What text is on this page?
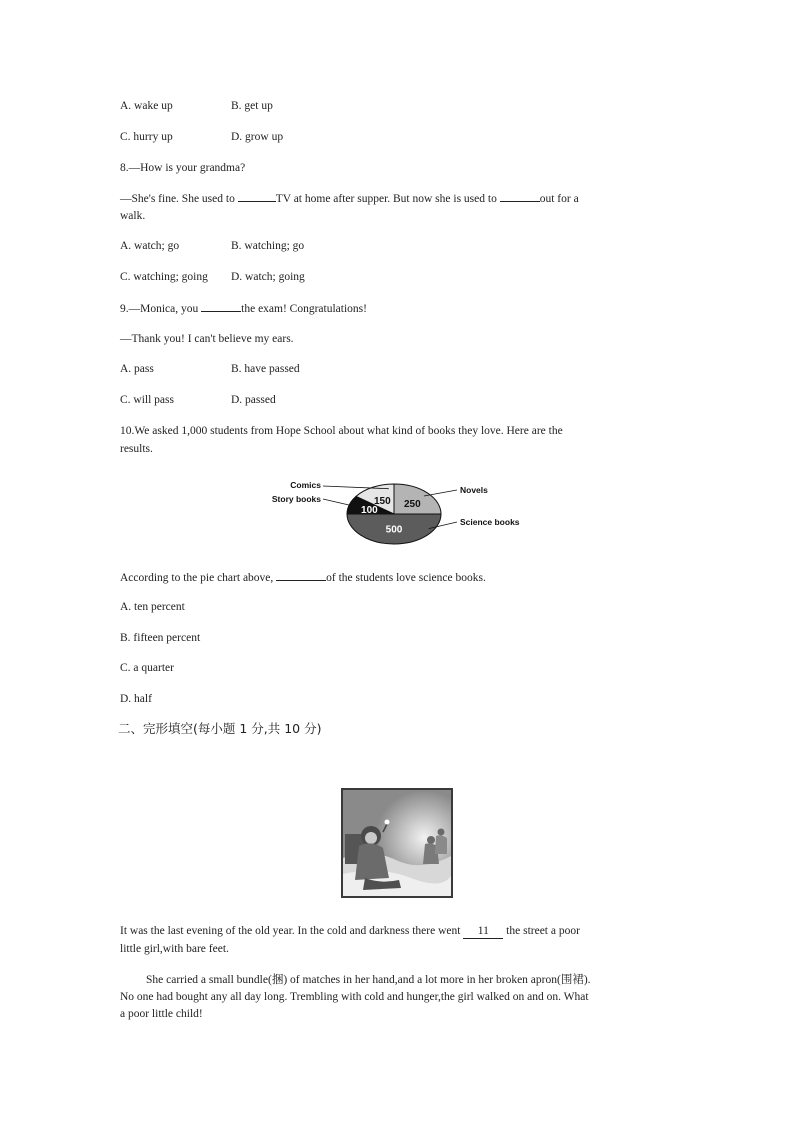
A. wake up	B. get up
C. hurry up	D. grow up
8.—How is your grandma?
—She's fine. She used to	TV at home after supper. But now she is used to	out for a
walk.
A. watch; go	B. watching; go
C. watching; going D. watch; going
9.—Monica, you	the exam! Congratulations!
—Thank you! I can't believe my ears.
A. pass	B. have passed
C. will pass	D. passed
10.We asked 1,000 students from Hope School about what kind of books they love. Here are the
results.
Novels
Science books
Story books
Comics
250
500
100
150
According to the pie chart above,	of the students love science books.
A. ten percent
B. fifteen percent
C. a quarter
D. half
二、完形填空(每小题 1 分,共 10 分)
It was the last evening of the old year. In the cold and darkness there went 11 the street a poor
little girl,with bare feet.
She carried a small bundle(捆) of matches in her hand,and a lot more in her broken apron(围裙).
No one had bought any all day long. Trembling with cold and hunger,the girl walked on and on. What
a poor little child!
